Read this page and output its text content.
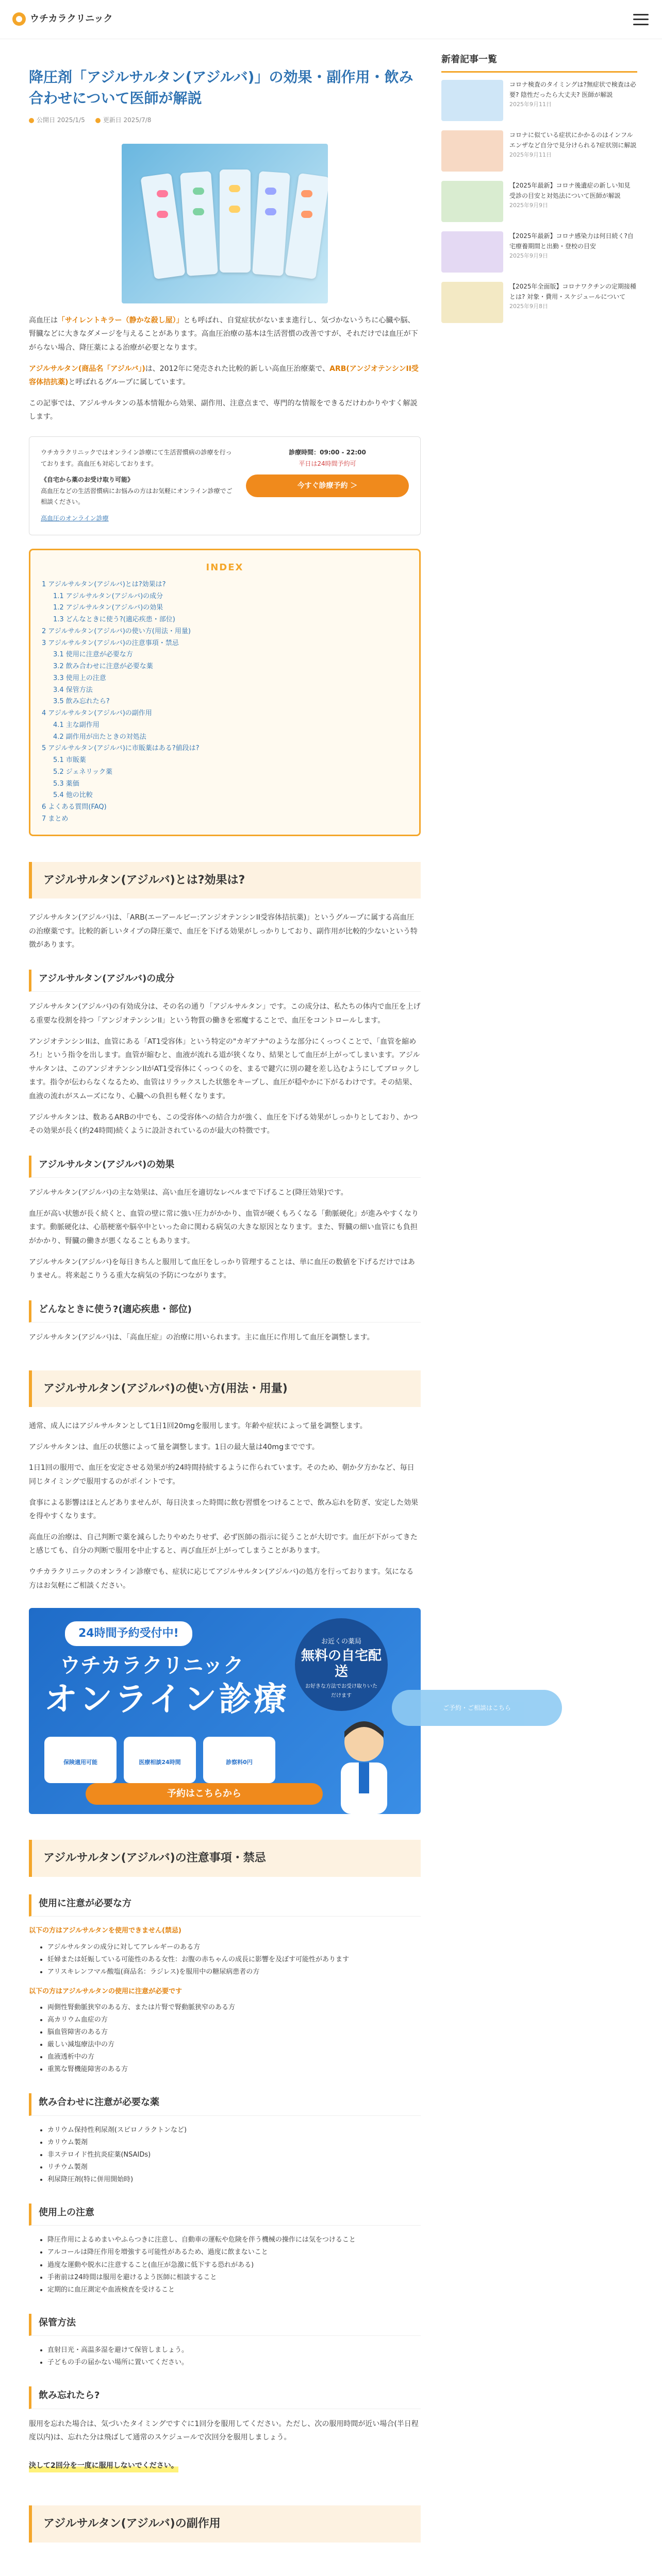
ウチカラクリニック
降圧剤「アジルサルタン(アジルバ)」の効果・副作用・飲み合わせについて医師が解説
公開日 2025/1/5	更新日 2025/7/8

高血圧は「サイレントキラー（静かな殺し屋）」とも呼ばれ、自覚症状がないまま進行し、気づかないうちに心臓や脳、腎臓などに大きなダメージを与えることがあります。高血圧治療の基本は生活習慣の改善ですが、それだけでは血圧が下がらない場合、降圧薬による治療が必要となります。

アジルサルタン(商品名「アジルバ」)は、2012年に発売された比較的新しい高血圧治療薬で、ARB(アンジオテンシンII受容体拮抗薬)と呼ばれるグループに属しています。

この記事では、アジルサルタンの基本情報から効果、副作用、注意点まで、専門的な情報をできるだけわかりやすく解説します。

ウチカラクリニックではオンライン診療にて生活習慣病の診療を行っております。高血圧も対応しております。

《自宅から薬のお受け取り可能》

高血圧などの生活習慣病にお悩みの方はお気軽にオンライン診療でご相談ください。

高血圧のオンライン診療

診療時間：09:00 - 22:00

平日は24時間予約可

今すぐ診療予約 ＞
INDEX
1 アジルサルタン(アジルバ)とは?効果は?
1.1 アジルサルタン(アジルバ)の成分
1.2 アジルサルタン(アジルバ)の効果
1.3 どんなときに使う?(適応疾患・部位)
2 アジルサルタン(アジルバ)の使い方(用法・用量)
3 アジルサルタン(アジルバ)の注意事項・禁忌
3.1 使用に注意が必要な方
3.2 飲み合わせに注意が必要な薬
3.3 使用上の注意
3.4 保管方法
3.5 飲み忘れたら?
4 アジルサルタン(アジルバ)の副作用
4.1 主な副作用
4.2 副作用が出たときの対処法
5 アジルサルタン(アジルバ)に市販薬はある?値段は?
5.1 市販薬
5.2 ジェネリック薬
5.3 薬価
5.4 他の比較
6 よくある質問(FAQ)
7 まとめ
アジルサルタン(アジルバ)とは?効果は?

アジルサルタン(アジルバ)は、「ARB(エーアールビー:アンジオテンシンII受容体拮抗薬)」というグループに属する高血圧の治療薬です。比較的新しいタイプの降圧薬で、血圧を下げる効果がしっかりしており、副作用が比較的少ないという特徴があります。

アジルサルタン(アジルバ)の成分

アジルサルタン(アジルバ)の有効成分は、その名の通り「アジルサルタン」です。この成分は、私たちの体内で血圧を上げる重要な役割を持つ「アンジオテンシンII」という物質の働きを邪魔することで、血圧をコントロールします。

アンジオテンシンIIは、血管にある「AT1受容体」という特定の"カギアナ"のような部分にくっつくことで、「血管を縮めろ!」という指令を出します。血管が縮むと、血液が流れる道が狭くなり、結果として血圧が上がってしまいます。アジルサルタンは、このアンジオテンシンIIがAT1受容体にくっつくのを、まるで鍵穴に別の鍵を差し込むようにしてブロックします。指令が伝わらなくなるため、血管はリラックスした状態をキープし、血圧が穏やかに下がるわけです。その結果、血液の流れがスムーズになり、心臓への負担も軽くなります。

アジルサルタンは、数あるARBの中でも、この受容体への結合力が強く、血圧を下げる効果がしっかりとしており、かつその効果が長く(約24時間)続くように設計されているのが最大の特徴です。

アジルサルタン(アジルバ)の効果

アジルサルタン(アジルバ)の主な効果は、高い血圧を適切なレベルまで下げること(降圧効果)です。

血圧が高い状態が長く続くと、血管の壁に常に強い圧力がかかり、血管が硬くもろくなる「動脈硬化」が進みやすくなります。動脈硬化は、心筋梗塞や脳卒中といった命に関わる病気の大きな原因となります。また、腎臓の細い血管にも負担がかかり、腎臓の働きが悪くなることもあります。

アジルサルタン(アジルバ)を毎日きちんと服用して血圧をしっかり管理することは、単に血圧の数値を下げるだけではありません。将来起こりうる重大な病気の予防につながります。

どんなときに使う?(適応疾患・部位)

アジルサルタン(アジルバ)は、「高血圧症」の治療に用いられます。主に血圧に作用して血圧を調整します。

アジルサルタン(アジルバ)の使い方(用法・用量)

通常、成人にはアジルサルタンとして1日1回20mgを服用します。年齢や症状によって量を調整します。

アジルサルタンは、血圧の状態によって量を調整します。1日の最大量は40mgまでです。

1日1回の服用で、血圧を安定させる効果が約24時間持続するように作られています。そのため、朝か夕方かなど、毎日同じタイミングで服用するのがポイントです。

食事による影響はほとんどありませんが、毎日決まった時間に飲む習慣をつけることで、飲み忘れを防ぎ、安定した効果を得やすくなります。

高血圧の治療は、自己判断で薬を減らしたりやめたりせず、必ず医師の指示に従うことが大切です。血圧が下がってきたと感じても、自分の判断で服用を中止すると、再び血圧が上がってしまうことがあります。

ウチカラクリニックのオンライン診療でも、症状に応じてアジルサルタン(アジルバ)の処方を行っております。気になる方はお気軽にご相談ください。

24時間予約受付中!
ウチカラクリニック
オンライン診療
お近くの薬局
無料の自宅配送
お好きな方法でお受け取りいただけます
保険適用可能	医療相談24時間	診察料0円
予約はこちらから
アジルサルタン(アジルバ)の注意事項・禁忌
使用に注意が必要な方
以下の方はアジルサルタンを使用できません(禁忌)
• アジルサルタンの成分に対してアレルギーのある方
• 妊婦または妊娠している可能性のある女性：お腹の赤ちゃんの成長に影響を及ぼす可能性があります
• アリスキレンフマル酸塩(商品名：ラジレス)を服用中の糖尿病患者の方
以下の方はアジルサルタンの使用に注意が必要です
• 両側性腎動脈狭窄のある方、または片腎で腎動脈狭窄のある方
• 高カリウム血症の方
• 脳血管障害のある方
• 厳しい減塩療法中の方
• 血液透析中の方
• 重篤な腎機能障害のある方
飲み合わせに注意が必要な薬
• カリウム保持性利尿剤(スピロノラクトンなど)
• カリウム製剤
• 非ステロイド性抗炎症薬(NSAIDs)
• リチウム製剤
• 利尿降圧剤(特に併用開始時)
使用上の注意
• 降圧作用によるめまいやふらつきに注意し、自動車の運転や危険を伴う機械の操作には気をつけること
• アルコールは降圧作用を増強する可能性があるため、過度に飲まないこと
• 過度な運動や脱水に注意すること(血圧が急激に低下する恐れがある)
• 手術前は24時間は服用を避けるよう医師に相談すること
• 定期的に血圧測定や血液検査を受けること
保管方法
• 直射日光・高温多湿を避けて保管しましょう。
• 子どもの手の届かない場所に置いてください。
飲み忘れたら?

服用を忘れた場合は、気づいたタイミングですぐに1回分を服用してください。ただし、次の服用時間が近い場合(半日程度以内)は、忘れた分は飛ばして通常のスケジュールで次回分を服用しましょう。

決して2回分を一度に服用しないでください。

アジルサルタン(アジルバ)の副作用
新着記事一覧
コロナ検査のタイミングは?無症状で検査は必要? 陰性だったら大丈夫? 医師が解説
2025年9月11日
コロナに似ている症状にかかるのはインフルエンザなど自分で見分けられる?症状別に解説
2025年9月11日
【2025年最新】コロナ後遺症の新しい知見 受診の目安と対処法について医師が解説
2025年9月9日
【2025年最新】コロナ感染力は何日続く?自宅療養期間と出勤・登校の目安
2025年9月9日
【2025年全面版】コロナワクチンの定期接種とは? 対象・費用・スケジュールについて
2025年9月8日
ご予約・ご相談はこちら
